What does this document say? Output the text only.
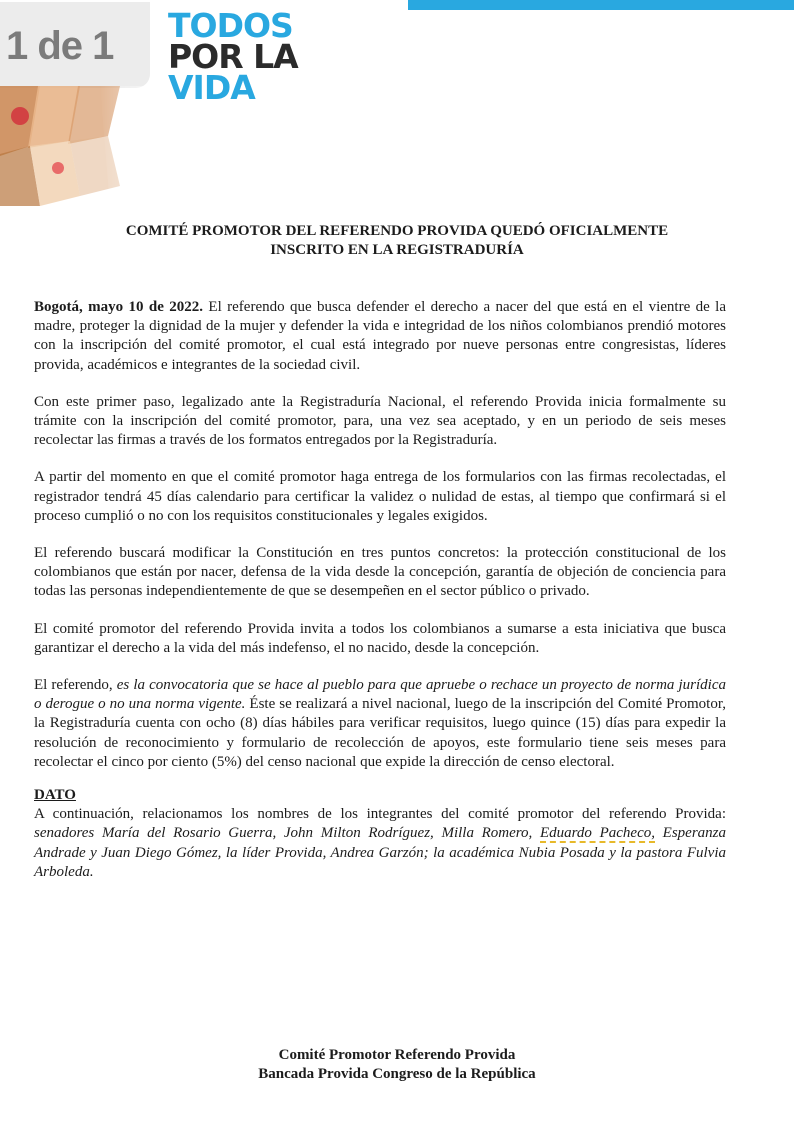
1 de 1 TODOS
POR LA
VIDA
COMITÉ PROMOTOR DEL REFERENDO PROVIDA QUEDÓ OFICIALMENTE
INSCRITO EN LA REGISTRADURÍA

Bogotá, mayo 10 de 2022. El referendo que busca defender el derecho a nacer del que está en el vientre de la madre, proteger la dignidad de la mujer y defender la vida e integridad de los niños colombianos prendió motores con la inscripción del comité promotor, el cual está integrado por nueve personas entre congresistas, líderes provida, académicos e integrantes de la sociedad civil.

Con este primer paso, legalizado ante la Registraduría Nacional, el referendo Provida inicia formalmente su trámite con la inscripción del comité promotor, para, una vez sea aceptado, y en un periodo de seis meses recolectar las firmas a través de los formatos entregados por la Registraduría.

A partir del momento en que el comité promotor haga entrega de los formularios con las firmas recolectadas, el registrador tendrá 45 días calendario para certificar la validez o nulidad de estas, al tiempo que confirmará si el proceso cumplió o no con los requisitos constitucionales y legales exigidos.

El referendo buscará modificar la Constitución en tres puntos concretos: la protección constitucional de los colombianos que están por nacer, defensa de la vida desde la concepción, garantía de objeción de conciencia para todas las personas independientemente de que se desempeñen en el sector público o privado.

El comité promotor del referendo Provida invita a todos los colombianos a sumarse a esta iniciativa que busca garantizar el derecho a la vida del más indefenso, el no nacido, desde la concepción.

El referendo, es la convocatoria que se hace al pueblo para que apruebe o rechace un proyecto de norma jurídica o derogue o no una norma vigente. Éste se realizará a nivel nacional, luego de la inscripción del Comité Promotor, la Registraduría cuenta con ocho (8) días hábiles para verificar requisitos, luego quince (15) días para expedir la resolución de reconocimiento y formulario de recolección de apoyos, este formulario tiene seis meses para recolectar el cinco por ciento (5%) del censo nacional que expide la dirección de censo electoral.

DATO

A continuación, relacionamos los nombres de los integrantes del comité promotor del referendo Provida: senadores María del Rosario Guerra, John Milton Rodríguez, Milla Romero, Eduardo Pacheco, Esperanza Andrade y Juan Diego Gómez, la líder Provida, Andrea Garzón; la académica Nubia Posada y la pastora Fulvia Arboleda.

Comité Promotor Referendo Provida
Bancada Provida Congreso de la República
